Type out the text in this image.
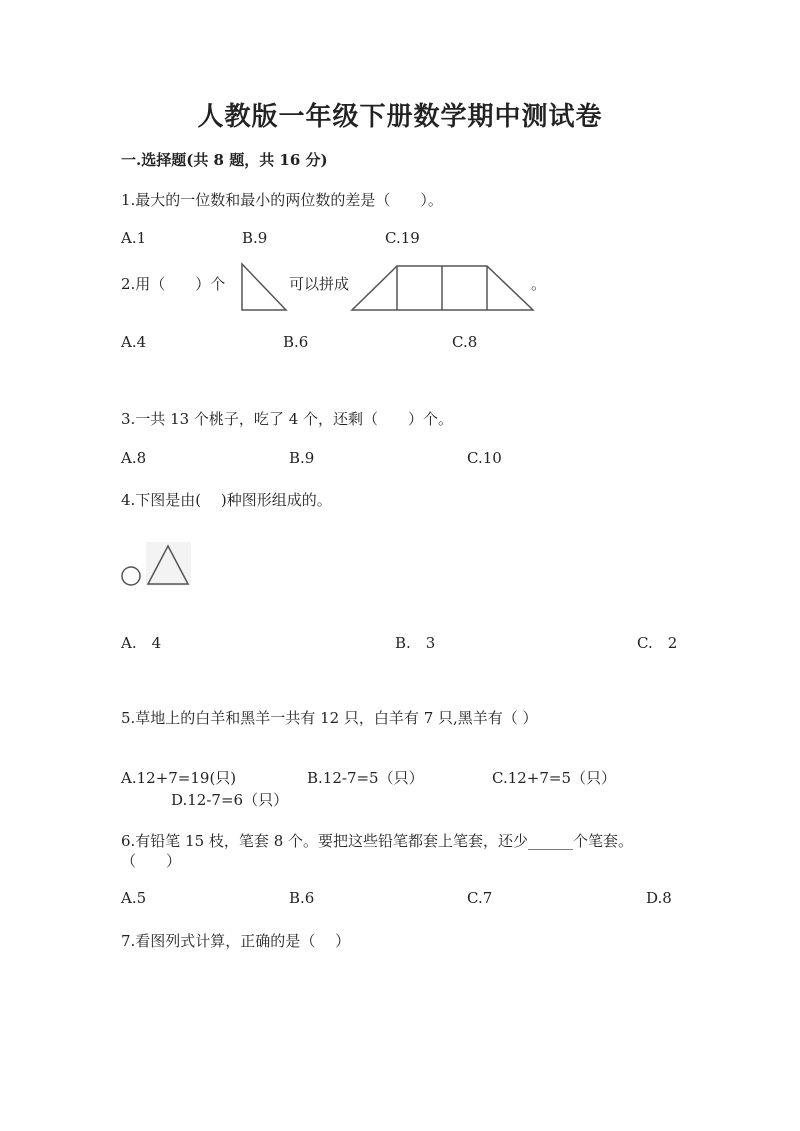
人教版一年级下册数学期中测试卷
一.选择题(共 8 题，共 16 分)
1.最大的一位数和最小的两位数的差是（　　）。
A.1	B.9	C.19
2.用（　　）个	可以拼成	。
A.4	B.6	C.8
3.一共 13 个桃子，吃了 4 个，还剩（　　）个。
A.8	B.9	C.10
4.下图是由(　 )种图形组成的。
A.　4	B.　3	C.　2
5.草地上的白羊和黑羊一共有 12 只，白羊有 7 只,黑羊有（ ）
A.12+7=19(只)	B.12-7=5（只）	C.12+7=5（只）
D.12-7=6（只）
6.有铅笔 15 枝，笔套 8 个。要把这些铅笔都套上笔套，还少______个笔套。
（　　）
A.5	B.6	C.7	D.8
7.看图列式计算，正确的是（　 ）
